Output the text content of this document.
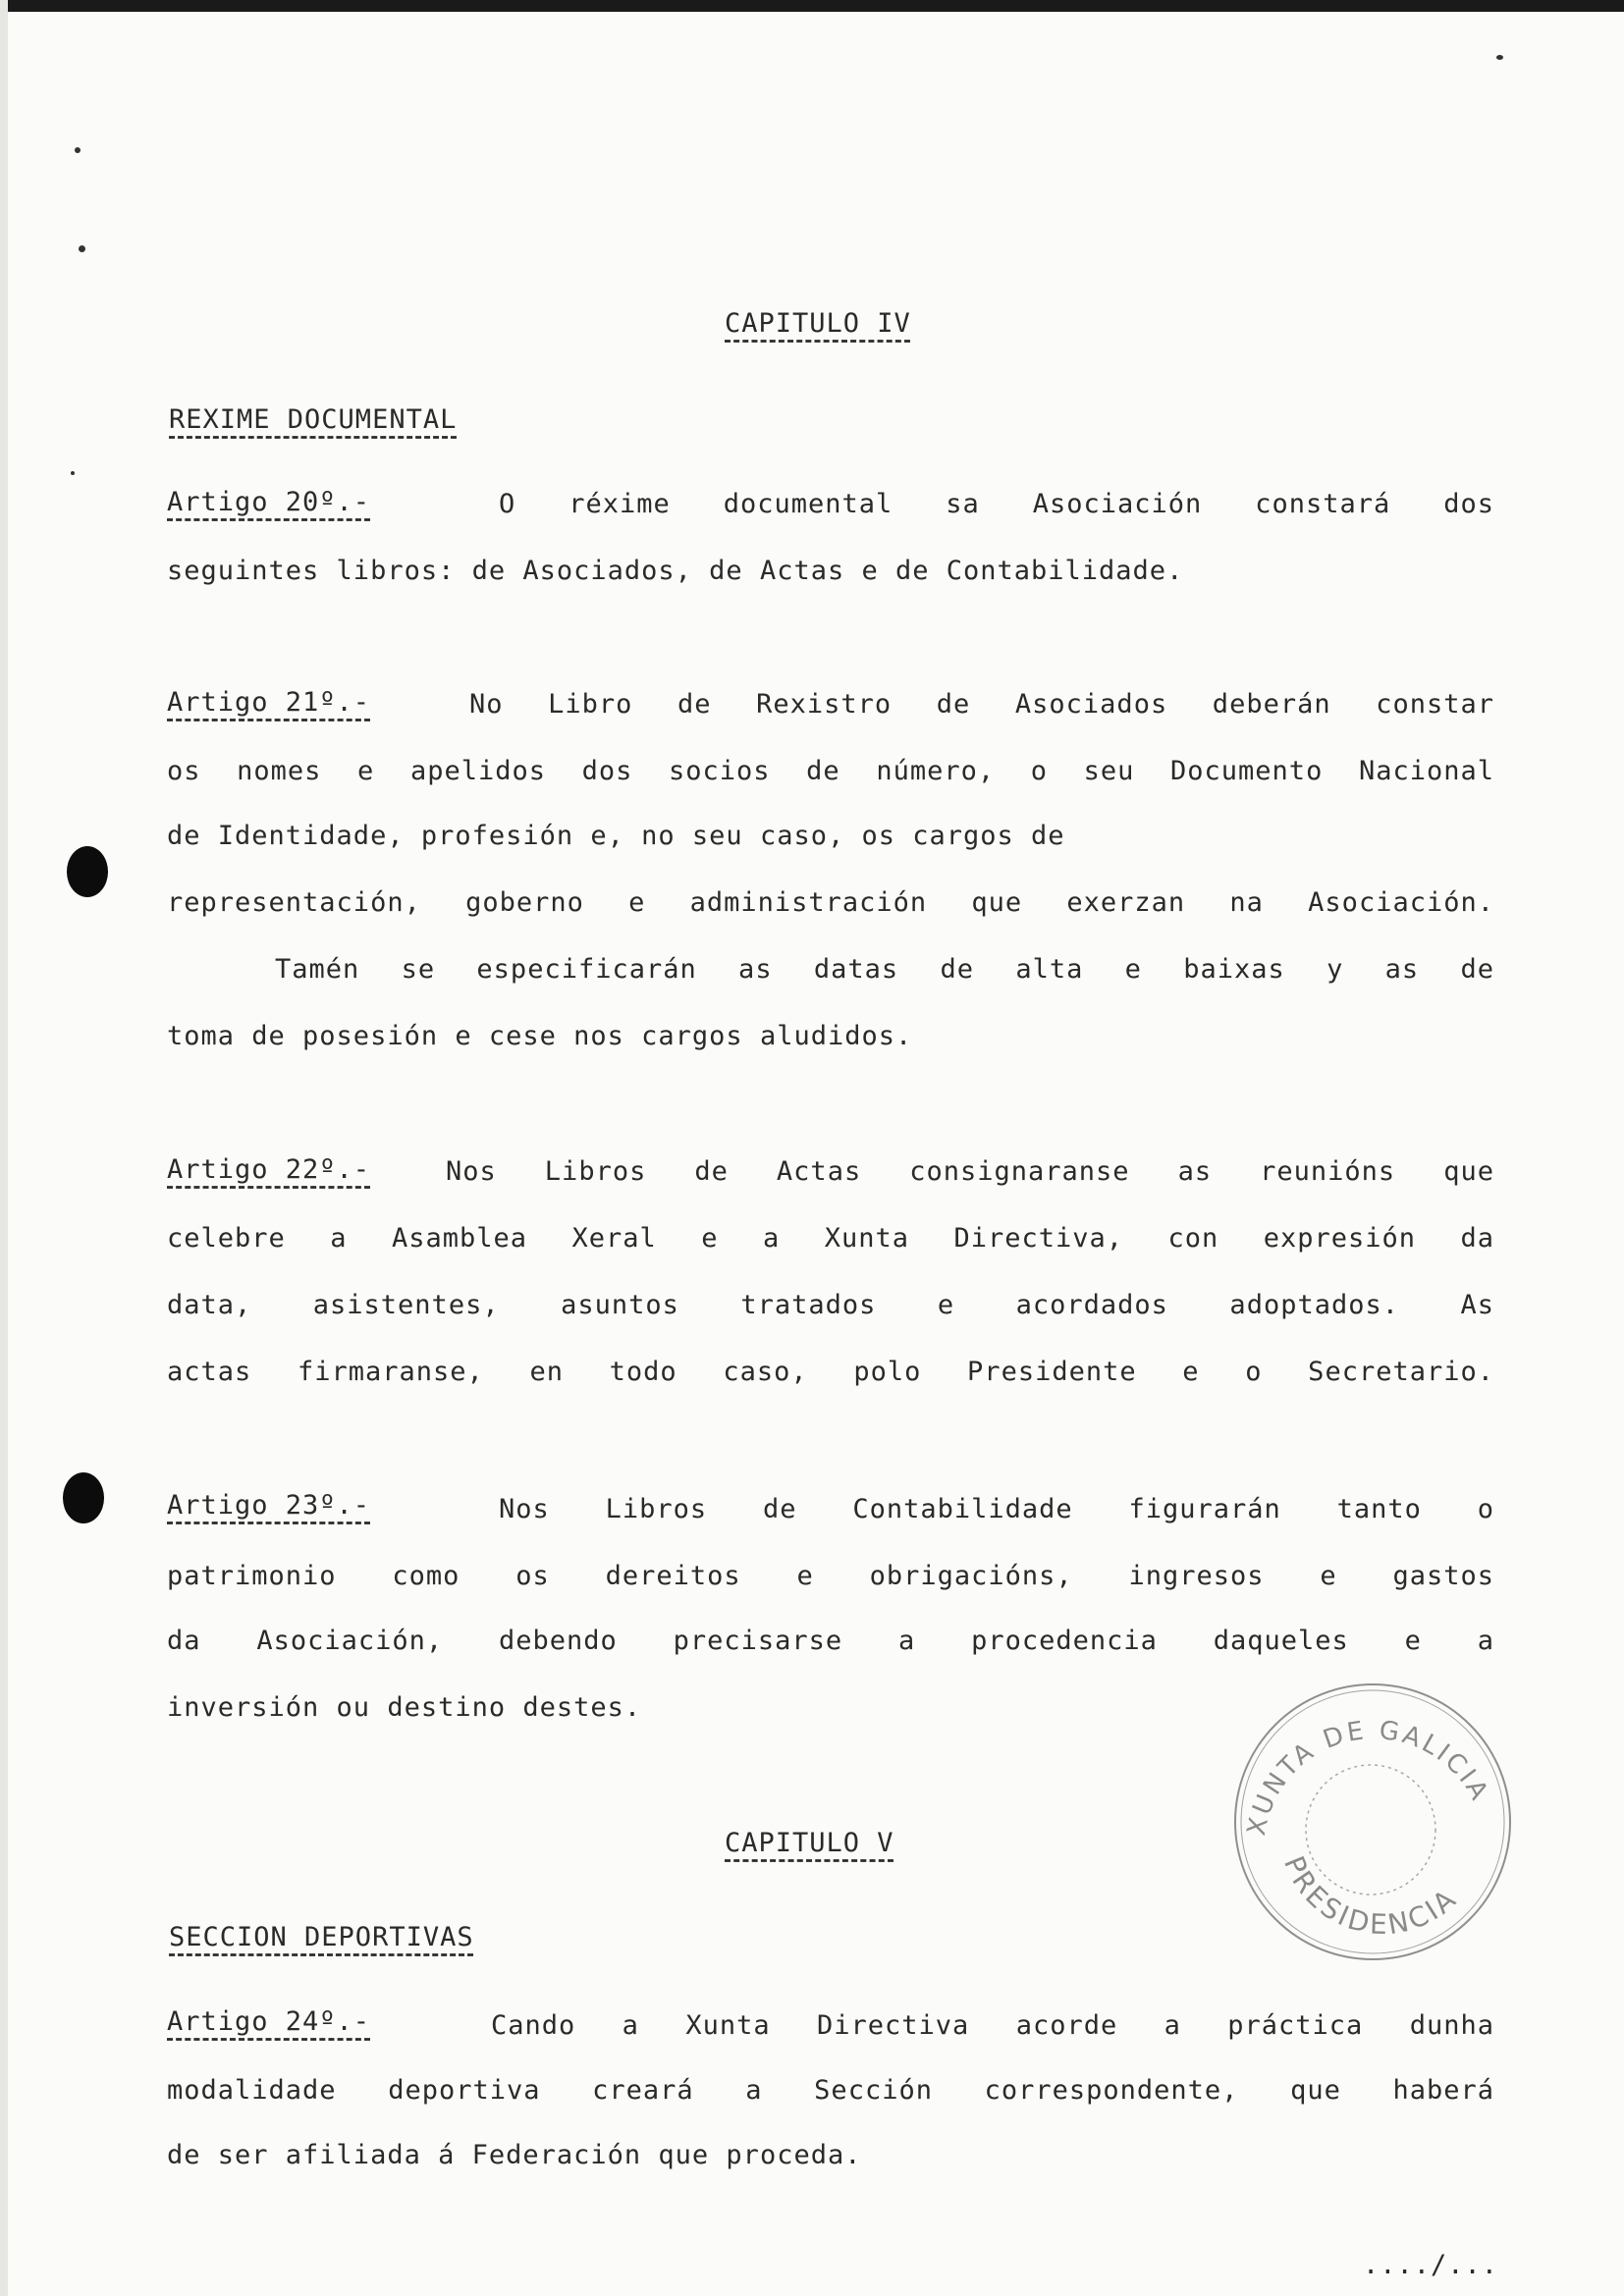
CAPITULO IV
REXIME DOCUMENTAL
Artigo 20º.-	O réxime documental sa Asociación constará dos
seguintes libros: de Asociados, de Actas e de Contabilidade.
Artigo 21º.-	No Libro de Rexistro de Asociados deberán constar
os nomes e apelidos dos socios de número, o seu Documento Nacional
de Identidade, profesión e, no seu caso, os cargos de
representación, goberno e administración que exerzan na Asociación.
Tamén se especificarán as datas de alta e baixas y as de
toma de posesión e cese nos cargos aludidos.
Artigo 22º.-	Nos Libros de Actas consignaranse as reunións que
celebre a Asamblea Xeral e a Xunta Directiva, con expresión da
data, asistentes, asuntos tratados e acordados adoptados. As
actas firmaranse, en todo caso, polo Presidente e o Secretario.
Artigo 23º.-	Nos Libros de Contabilidade figurarán tanto o
patrimonio como os dereitos e obrigacións, ingresos e gastos
da Asociación, debendo precisarse a procedencia daqueles e a
inversión ou destino destes.
CAPITULO V
SECCION DEPORTIVAS
Artigo 24º.-	Cando a Xunta Directiva acorde a práctica dunha
modalidade deportiva creará a Sección correspondente, que haberá
de ser afiliada á Federación que proceda.
XUNTA DE GALICIA
PRESIDENCIA
..../...
